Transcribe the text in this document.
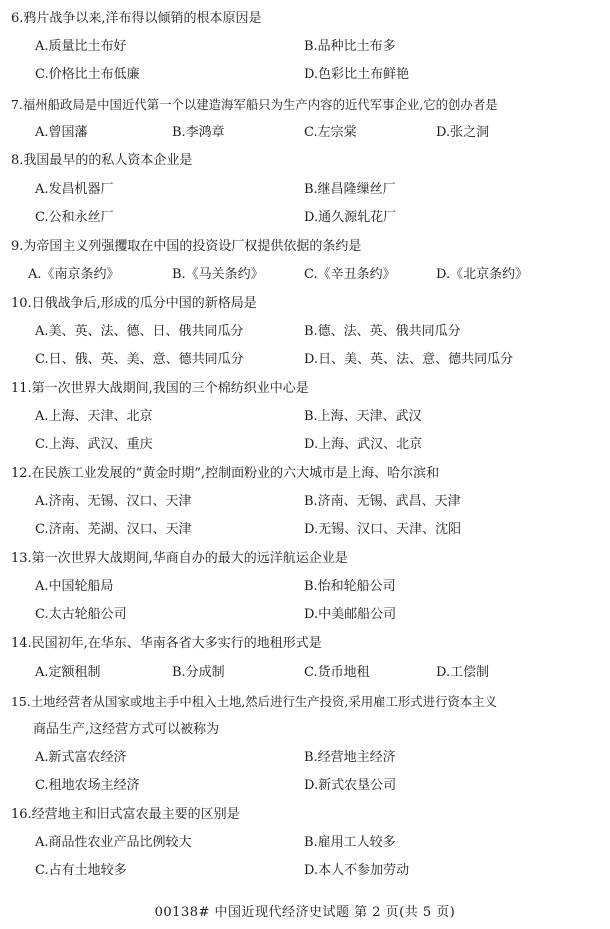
6.鸦片战争以来,洋布得以倾销的根本原因是
A.质量比土布好	B.品种比土布多
C.价格比土布低廉	D.色彩比土布鲜艳
7.福州船政局是中国近代第一个以建造海军船只为生产内容的近代军事企业,它的创办者是
A.曾国藩	B.李鸿章	C.左宗棠	D.张之洞
8.我国最早的的私人资本企业是
A.发昌机器厂	B.继昌隆缫丝厂
C.公和永丝厂	D.通久源轧花厂
9.为帝国主义列强攫取在中国的投资设厂权提供依据的条约是
A.《南京条约》	B.《马关条约》	C.《辛丑条约》	D.《北京条约》
10.日俄战争后,形成的瓜分中国的新格局是
A.美、英、法、德、日、俄共同瓜分	B.德、法、英、俄共同瓜分
C.日、俄、英、美、意、德共同瓜分	D.日、美、英、法、意、德共同瓜分
11.第一次世界大战期间,我国的三个棉纺织业中心是
A.上海、天津、北京	B.上海、天津、武汉
C.上海、武汉、重庆	D.上海、武汉、北京
12.在民族工业发展的“黄金时期”,控制面粉业的六大城市是上海、哈尔滨和
A.济南、无锡、汉口、天津	B.济南、无锡、武昌、天津
C.济南、芜湖、汉口、天津	D.无锡、汉口、天津、沈阳
13.第一次世界大战期间,华商自办的最大的远洋航运企业是
A.中国轮船局	B.怡和轮船公司
C.太古轮船公司	D.中美邮船公司
14.民国初年,在华东、华南各省大多实行的地租形式是
A.定额租制	B.分成制	C.货币地租	D.工偿制
15.土地经营者从国家或地主手中租入土地,然后进行生产投资,采用雇工形式进行资本主义
商品生产,这经营方式可以被称为
A.新式富农经济	B.经营地主经济
C.租地农场主经济	D.新式农垦公司
16.经营地主和旧式富农最主要的区别是
A.商品性农业产品比例较大	B.雇用工人较多
C.占有土地较多	D.本人不参加劳动
00138# 中国近现代经济史试题 第 2 页(共 5 页)
